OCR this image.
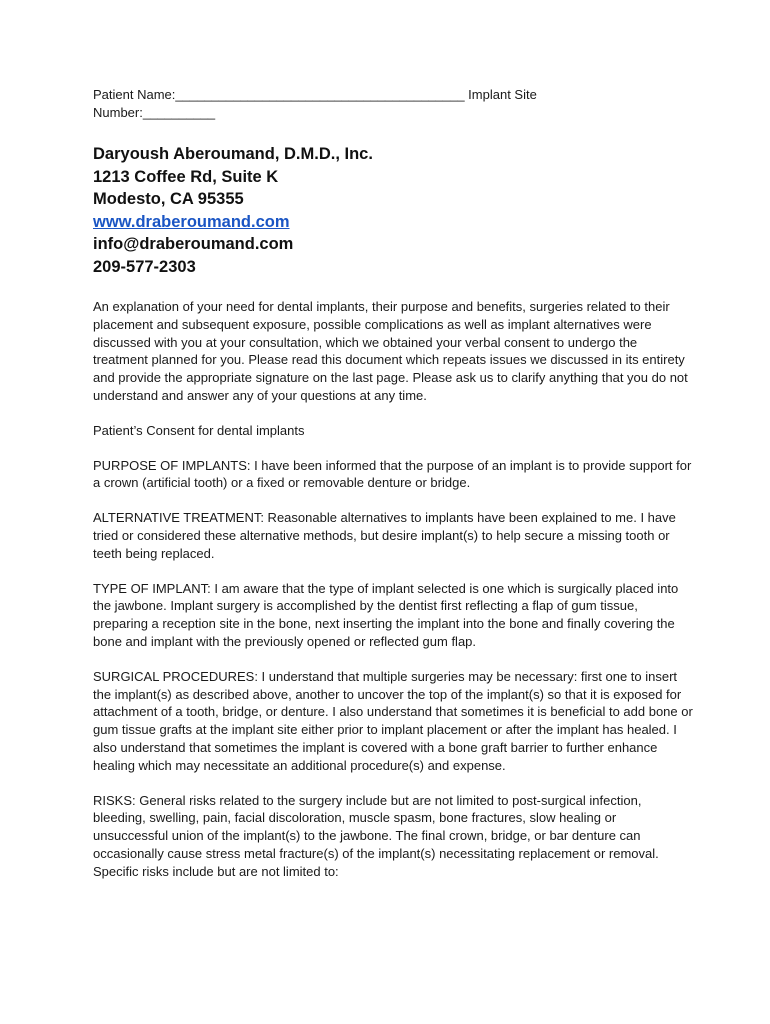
Patient Name:________________________________________ Implant Site

Number:__________

Daryoush Aberoumand, D.M.D., Inc.
1213 Coffee Rd, Suite K
Modesto, CA 95355
www.draberoumand.com
info@draberoumand.com
209-577-2303

An explanation of your need for dental implants, their purpose and benefits, surgeries related to their placement and subsequent exposure, possible complications as well as implant alternatives were discussed with you at your consultation, which we obtained your verbal consent to undergo the treatment planned for you. Please read this document which repeats issues we discussed in its entirety and provide the appropriate signature on the last page. Please ask us to clarify anything that you do not understand and answer any of your questions at any time.

Patient’s Consent for dental implants

PURPOSE OF IMPLANTS: I have been informed that the purpose of an implant is to provide support for a crown (artificial tooth) or a fixed or removable denture or bridge.

ALTERNATIVE TREATMENT: Reasonable alternatives to implants have been explained to me. I have tried or considered these alternative methods, but desire implant(s) to help secure a missing tooth or teeth being replaced.

TYPE OF IMPLANT: I am aware that the type of implant selected is one which is surgically placed into the jawbone. Implant surgery is accomplished by the dentist first reflecting a flap of gum tissue, preparing a reception site in the bone, next inserting the implant into the bone and finally covering the bone and implant with the previously opened or reflected gum flap.

SURGICAL PROCEDURES: I understand that multiple surgeries may be necessary: first one to insert the implant(s) as described above, another to uncover the top of the implant(s) so that it is exposed for attachment of a tooth, bridge, or denture. I also understand that sometimes it is beneficial to add bone or gum tissue grafts at the implant site either prior to implant placement or after the implant has healed. I also understand that sometimes the implant is covered with a bone graft barrier to further enhance healing which may necessitate an additional procedure(s) and expense.

RISKS: General risks related to the surgery include but are not limited to post-surgical infection, bleeding, swelling, pain, facial discoloration, muscle spasm, bone fractures, slow healing or unsuccessful union of the implant(s) to the jawbone. The final crown, bridge, or bar denture can occasionally cause stress metal fracture(s) of the implant(s) necessitating replacement or removal.

Specific risks include but are not limited to:
